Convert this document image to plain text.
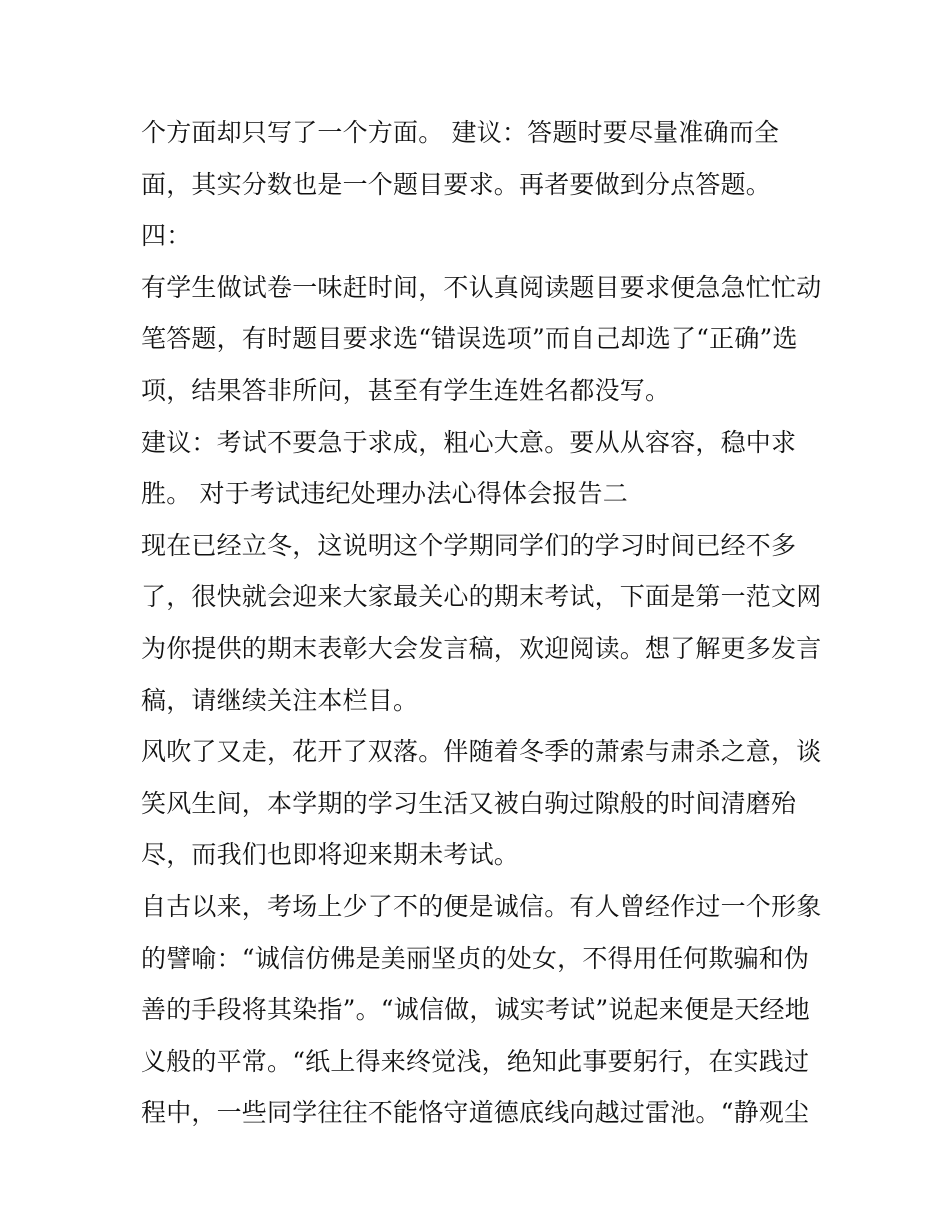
个方面却只写了一个方面。 建议：答题时要尽量准确而全
面，其实分数也是一个题目要求。再者要做到分点答题。
四：
有学生做试卷一味赶时间，不认真阅读题目要求便急急忙忙动
笔答题，有时题目要求选“错误选项”而自己却选了“正确”选
项，结果答非所问，甚至有学生连姓名都没写。
建议：考试不要急于求成，粗心大意。要从从容容，稳中求
胜。 对于考试违纪处理办法心得体会报告二
现在已经立冬，这说明这个学期同学们的学习时间已经不多
了，很快就会迎来大家最关心的期末考试，下面是第一范文网
为你提供的期末表彰大会发言稿，欢迎阅读。想了解更多发言
稿，请继续关注本栏目。
风吹了又走，花开了双落。伴随着冬季的萧索与肃杀之意，谈
笑风生间，本学期的学习生活又被白驹过隙般的时间清磨殆
尽，而我们也即将迎来期未考试。
自古以来，考场上少了不的便是诚信。有人曾经作过一个形象
的譬喻：“诚信仿佛是美丽坚贞的处女，不得用任何欺骗和伪
善的手段将其染指”。“诚信做，诚实考试”说起来便是天经地
义般的平常。“纸上得来终觉浅，绝知此事要躬行，在实践过
程中，一些同学往往不能恪守道德底线向越过雷池。“静观尘
